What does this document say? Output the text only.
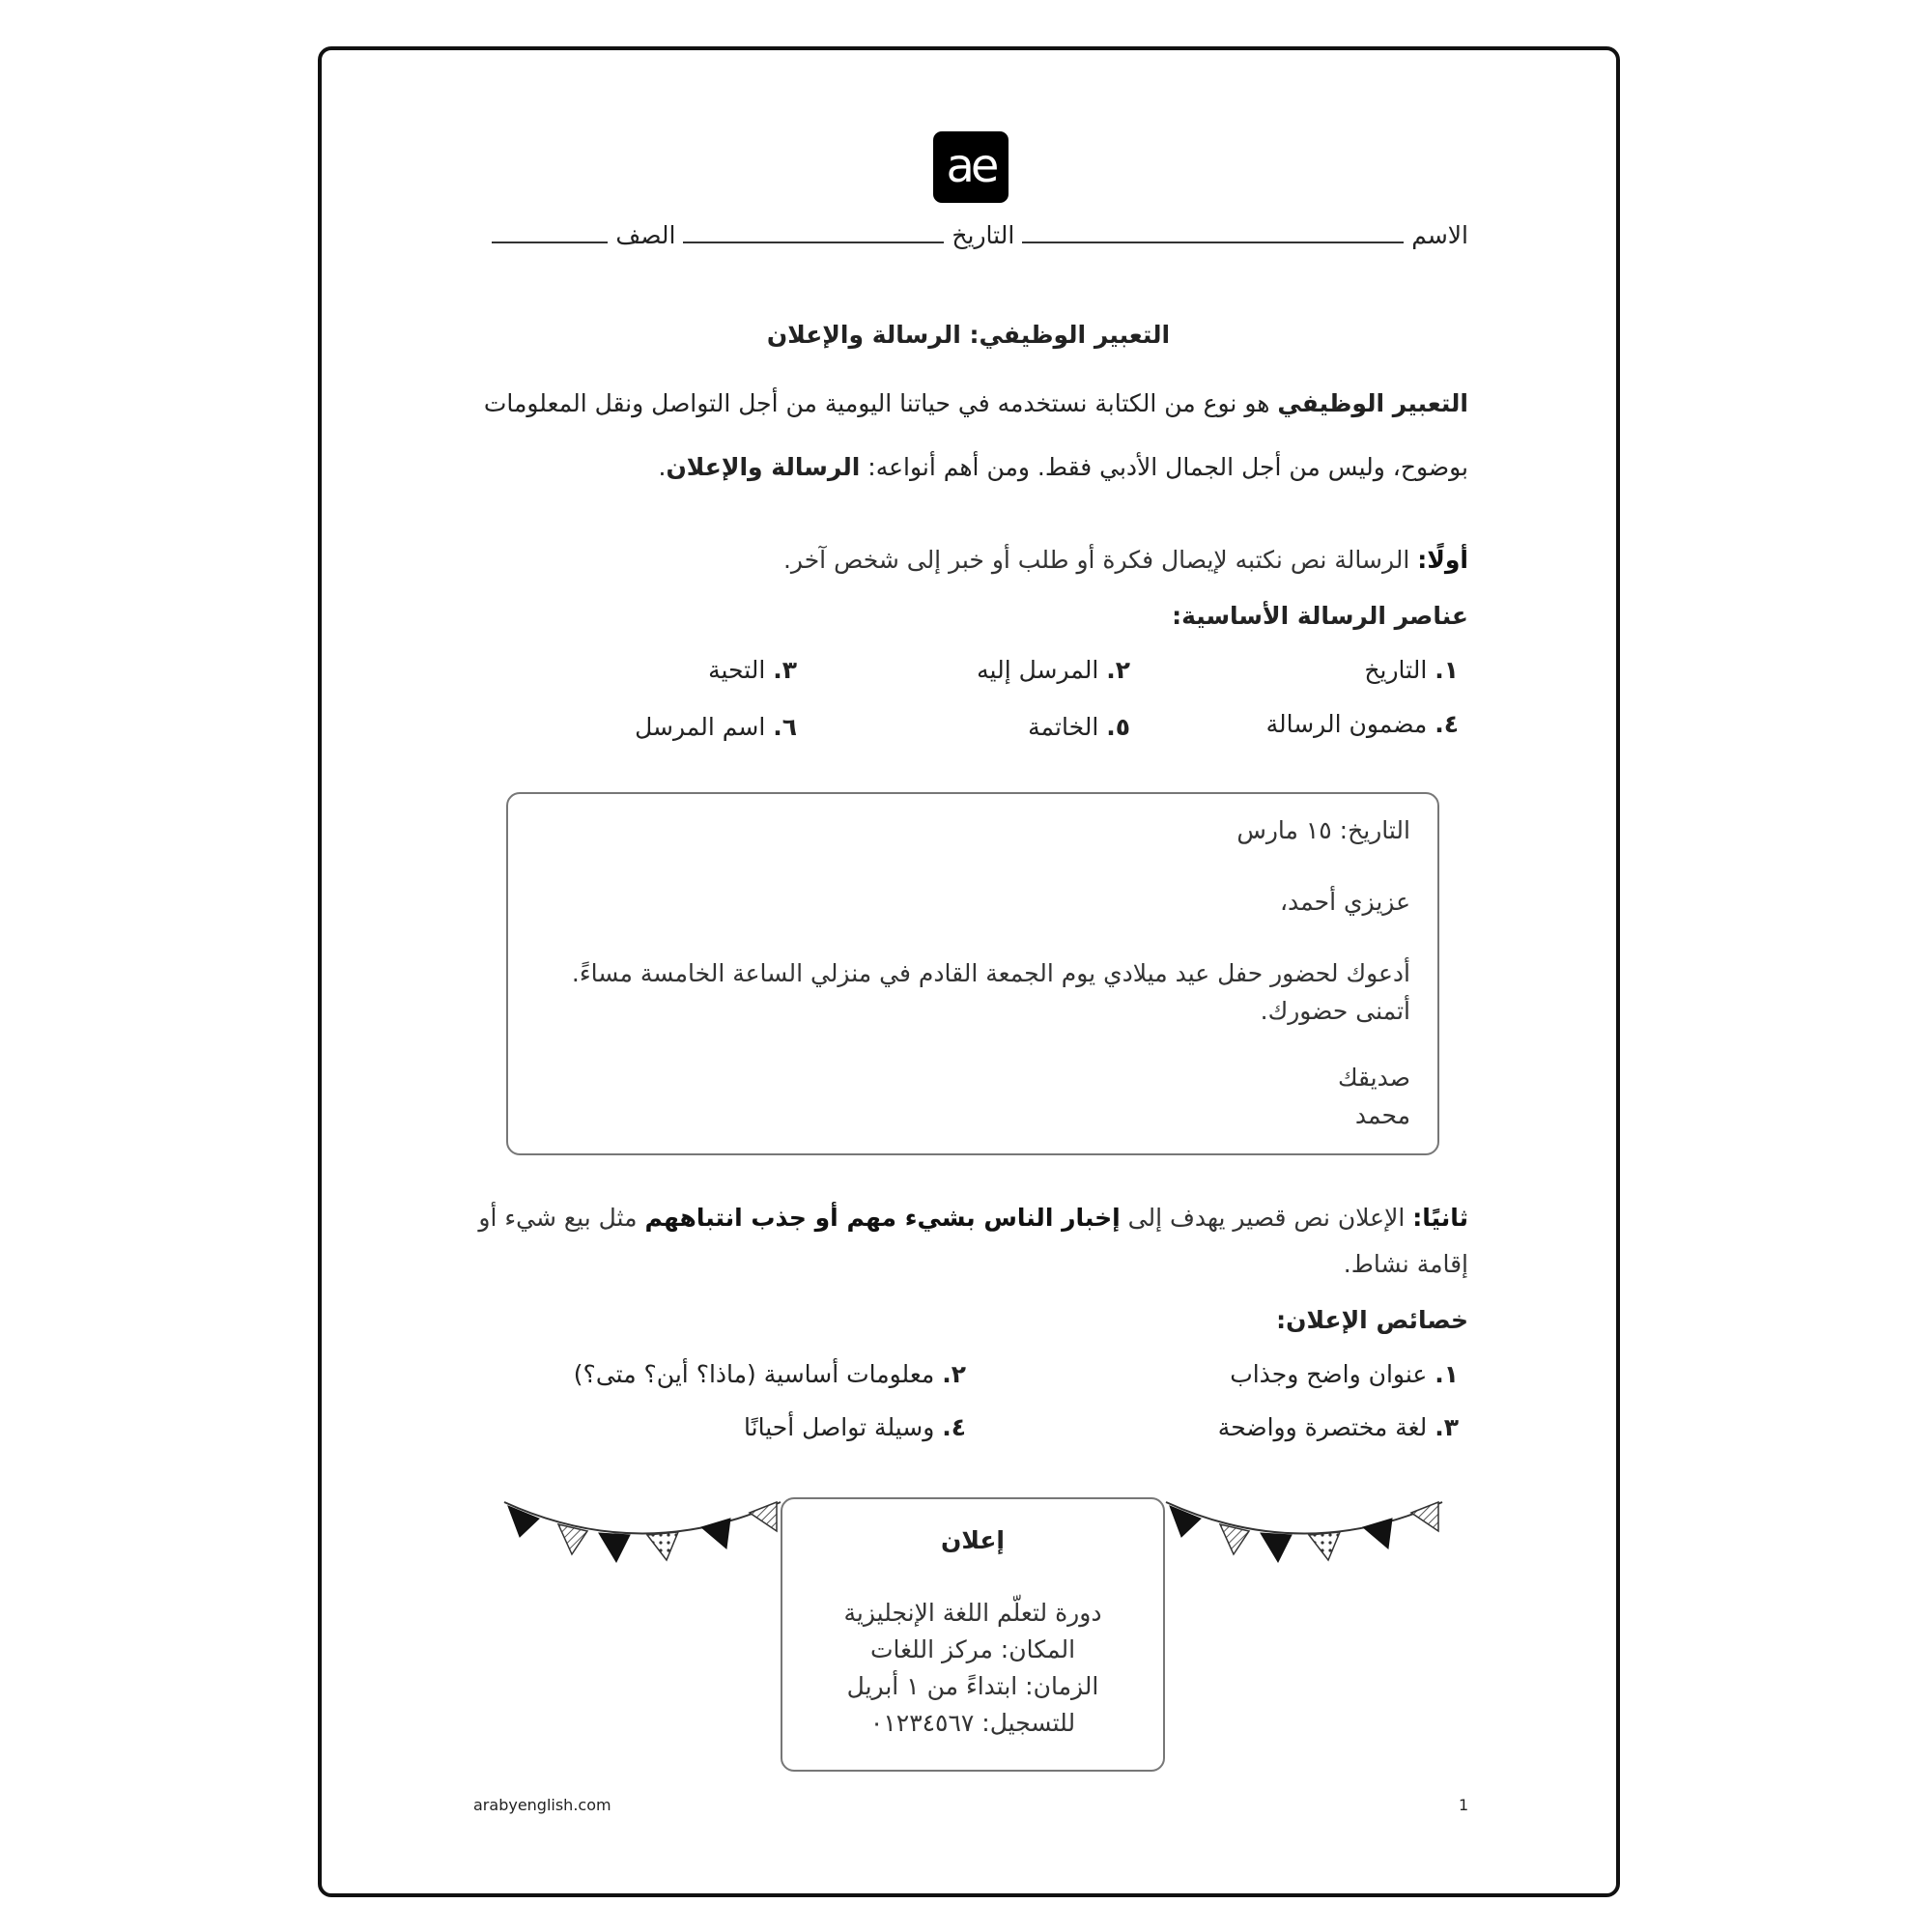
ae
الاسم  التاريخ  الصف
التعبير الوظيفي: الرسالة والإعلان
التعبير الوظيفي هو نوع من الكتابة نستخدمه في حياتنا اليومية من أجل التواصل ونقل المعلومات
بوضوح، وليس من أجل الجمال الأدبي فقط. ومن أهم أنواعه: الرسالة والإعلان.
أولًا: الرسالة نص نكتبه لإيصال فكرة أو طلب أو خبر إلى شخص آخر.
عناصر الرسالة الأساسية:
١. التاريخ
٢. المرسل إليه
٣. التحية
٤. مضمون الرسالة
٥. الخاتمة
٦. اسم المرسل
التاريخ: ١٥ مارس
عزيزي أحمد،
أدعوك لحضور حفل عيد ميلادي يوم الجمعة القادم في منزلي الساعة الخامسة مساءً.
أتمنى حضورك.
صديقك
محمد
ثانيًا: الإعلان نص قصير يهدف إلى إخبار الناس بشيء مهم أو جذب انتباههم مثل بيع شيء أو
إقامة نشاط.
خصائص الإعلان:
١. عنوان واضح وجذاب
٢. معلومات أساسية (ماذا؟ أين؟ متى؟)
٣. لغة مختصرة وواضحة
٤. وسيلة تواصل أحيانًا
إعلان
دورة لتعلّم اللغة الإنجليزية
المكان: مركز اللغات
الزمان: ابتداءً من ١ أبريل
للتسجيل: ٠١٢٣٤٥٦٧
arabyenglish.com	1
